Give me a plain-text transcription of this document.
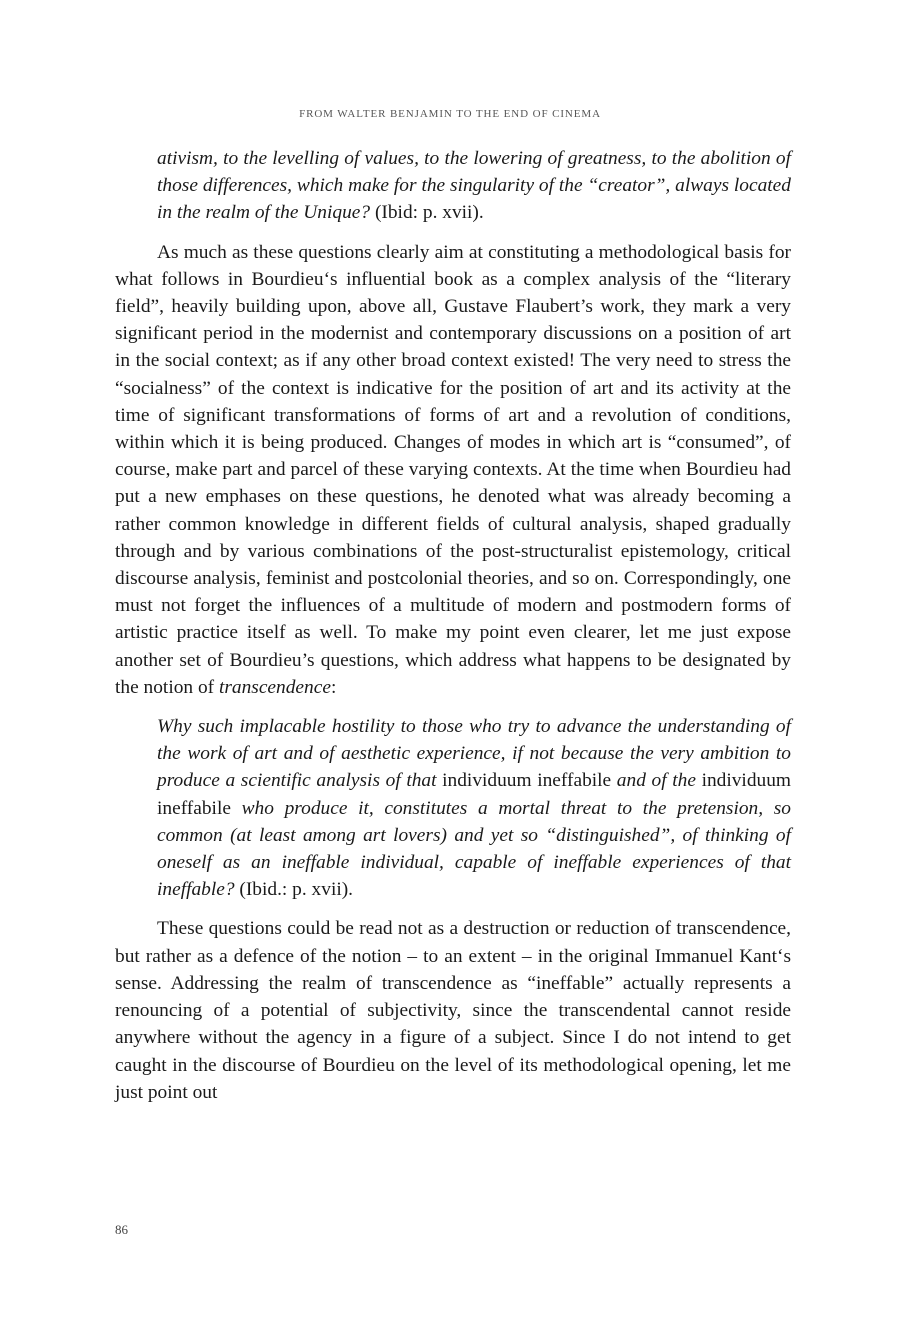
FROM WALTER BENJAMIN TO THE END OF CINEMA

ativism, to the levelling of values, to the lowering of greatness, to the abolition of those differences, which make for the singularity of the “creator”, always located in the realm of the Unique? (Ibid: p. xvii).

As much as these questions clearly aim at constituting a methodological basis for what follows in Bourdieu‘s influential book as a complex analysis of the “literary field”, heavily building upon, above all, Gustave Flaubert’s work, they mark a very significant period in the modernist and contemporary discussions on a position of art in the social context; as if any other broad context existed! The very need to stress the “socialness” of the context is indicative for the position of art and its activity at the time of significant transformations of forms of art and a revolution of conditions, within which it is being produced. Changes of modes in which art is “consumed”, of course, make part and parcel of these varying contexts. At the time when Bourdieu had put a new emphases on these questions, he denoted what was already becoming a rather common knowledge in different fields of cultural analysis, shaped gradually through and by various combinations of the post-structuralist epistemology, critical discourse analysis, feminist and postcolonial theories, and so on. Correspondingly, one must not forget the influences of a multitude of modern and postmodern forms of artistic practice itself as well. To make my point even clearer, let me just expose another set of Bourdieu’s questions, which address what happens to be designated by the notion of transcendence:

Why such implacable hostility to those who try to advance the understanding of the work of art and of aesthetic experience, if not because the very ambition to produce a scientific analysis of that individuum ineffabile and of the individuum ineffabile who produce it, constitutes a mortal threat to the pretension, so common (at least among art lovers) and yet so “distinguished”, of thinking of oneself as an ineffable individual, capable of ineffable experiences of that ineffable? (Ibid.: p. xvii).

These questions could be read not as a destruction or reduction of transcendence, but rather as a defence of the notion – to an extent – in the original Immanuel Kant‘s sense. Addressing the realm of transcendence as “ineffable” actually represents a renouncing of a potential of subjectivity, since the transcendental cannot reside anywhere without the agency in a figure of a subject. Since I do not intend to get caught in the discourse of Bourdieu on the level of its methodological opening, let me just point out

86
